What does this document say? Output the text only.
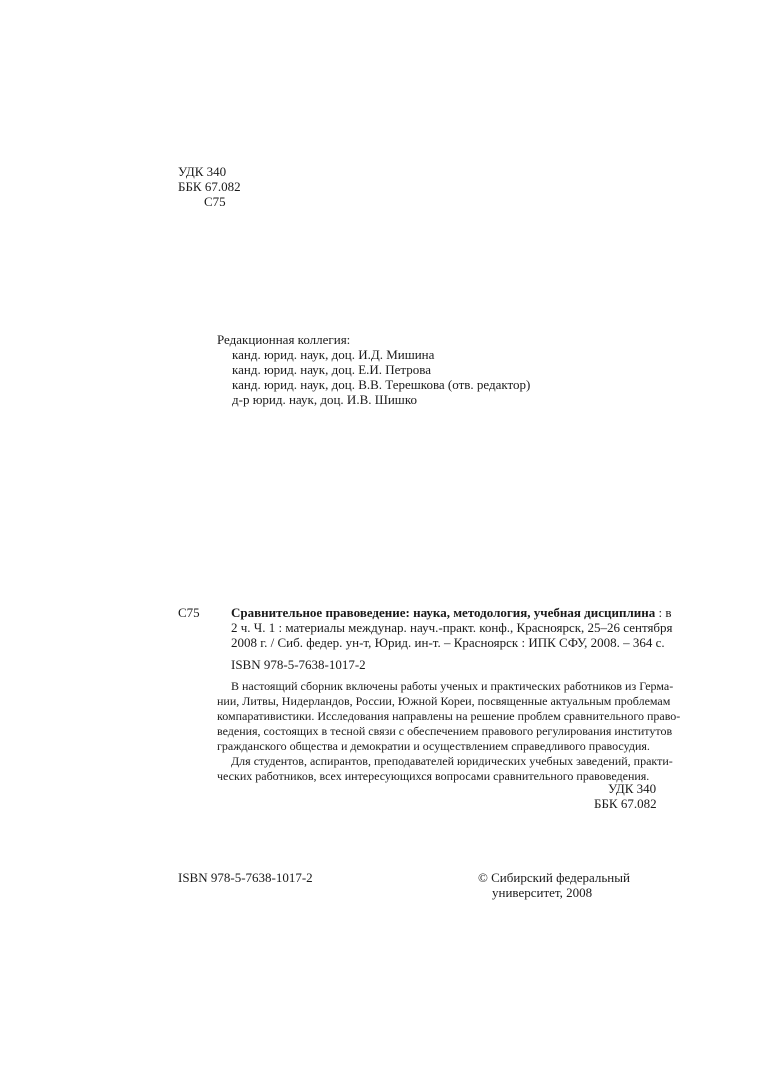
УДК 340
ББК 67.082
С75
Редакционная коллегия:
канд. юрид. наук, доц. И.Д. Мишина
канд. юрид. наук, доц. Е.И. Петрова
канд. юрид. наук, доц. В.В. Терешкова (отв. редактор)
д-р юрид. наук, доц. И.В. Шишко
С75 Сравнительное правоведение: наука, методология, учебная дисциплина : в
2 ч. Ч. 1 : материалы междунар. науч.-практ. конф., Красноярск, 25–26 сентября
2008 г. / Сиб. федер. ун-т, Юрид. ин-т. – Красноярск : ИПК СФУ, 2008. – 364 с.
ISBN 978-5-7638-1017-2
В настоящий сборник включены работы ученых и практических работников из Герма-
нии, Литвы, Нидерландов, России, Южной Кореи, посвященные актуальным проблемам
компаративистики. Исследования направлены на решение проблем сравнительного право-
ведения, состоящих в тесной связи с обеспечением правового регулирования институтов
гражданского общества и демократии и осуществлением справедливого правосудия.
Для студентов, аспирантов, преподавателей юридических учебных заведений, практи-
ческих работников, всех интересующихся вопросами сравнительного правоведения.
УДК 340
ББК 67.082
ISBN 978-5-7638-1017-2	© Сибирский федеральный
университет, 2008
